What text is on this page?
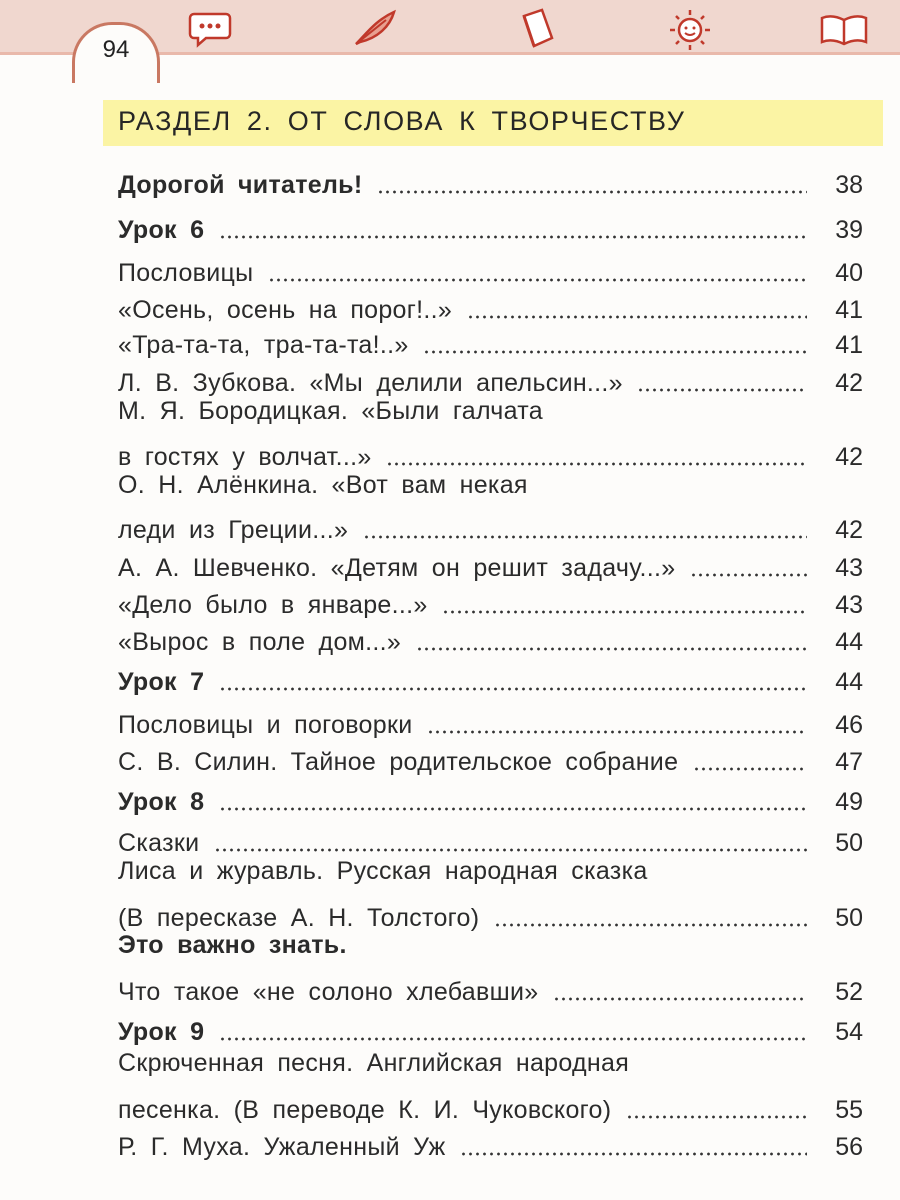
94
РАЗДЕЛ 2. ОТ СЛОВА К ТВОРЧЕСТВУ
Дорогой читатель!	38
Урок 6	39
Пословицы	40
«Осень, осень на порог!..»	41
«Тра-та-та, тра-та-та!..»	41
Л. В. Зубкова. «Мы делили апельсин...»	42
М. Я. Бородицкая. «Были галчата
в гостях у волчат...»	42
О. Н. Алёнкина. «Вот вам некая
леди из Греции...»	42
А. А. Шевченко. «Детям он решит задачу...»	43
«Дело было в январе...»	43
«Вырос в поле дом...»	44
Урок 7	44
Пословицы и поговорки	46
С. В. Силин. Тайное родительское собрание	47
Урок 8	49
Сказки	50
Лиса и журавль. Русская народная сказка
(В пересказе А. Н. Толстого)	50
Это важно знать.
Что такое «не солоно хлебавши»	52
Урок 9	54
Скрюченная песня. Английская народная
песенка. (В переводе К. И. Чуковского)	55
Р. Г. Муха. Ужаленный Уж	56
